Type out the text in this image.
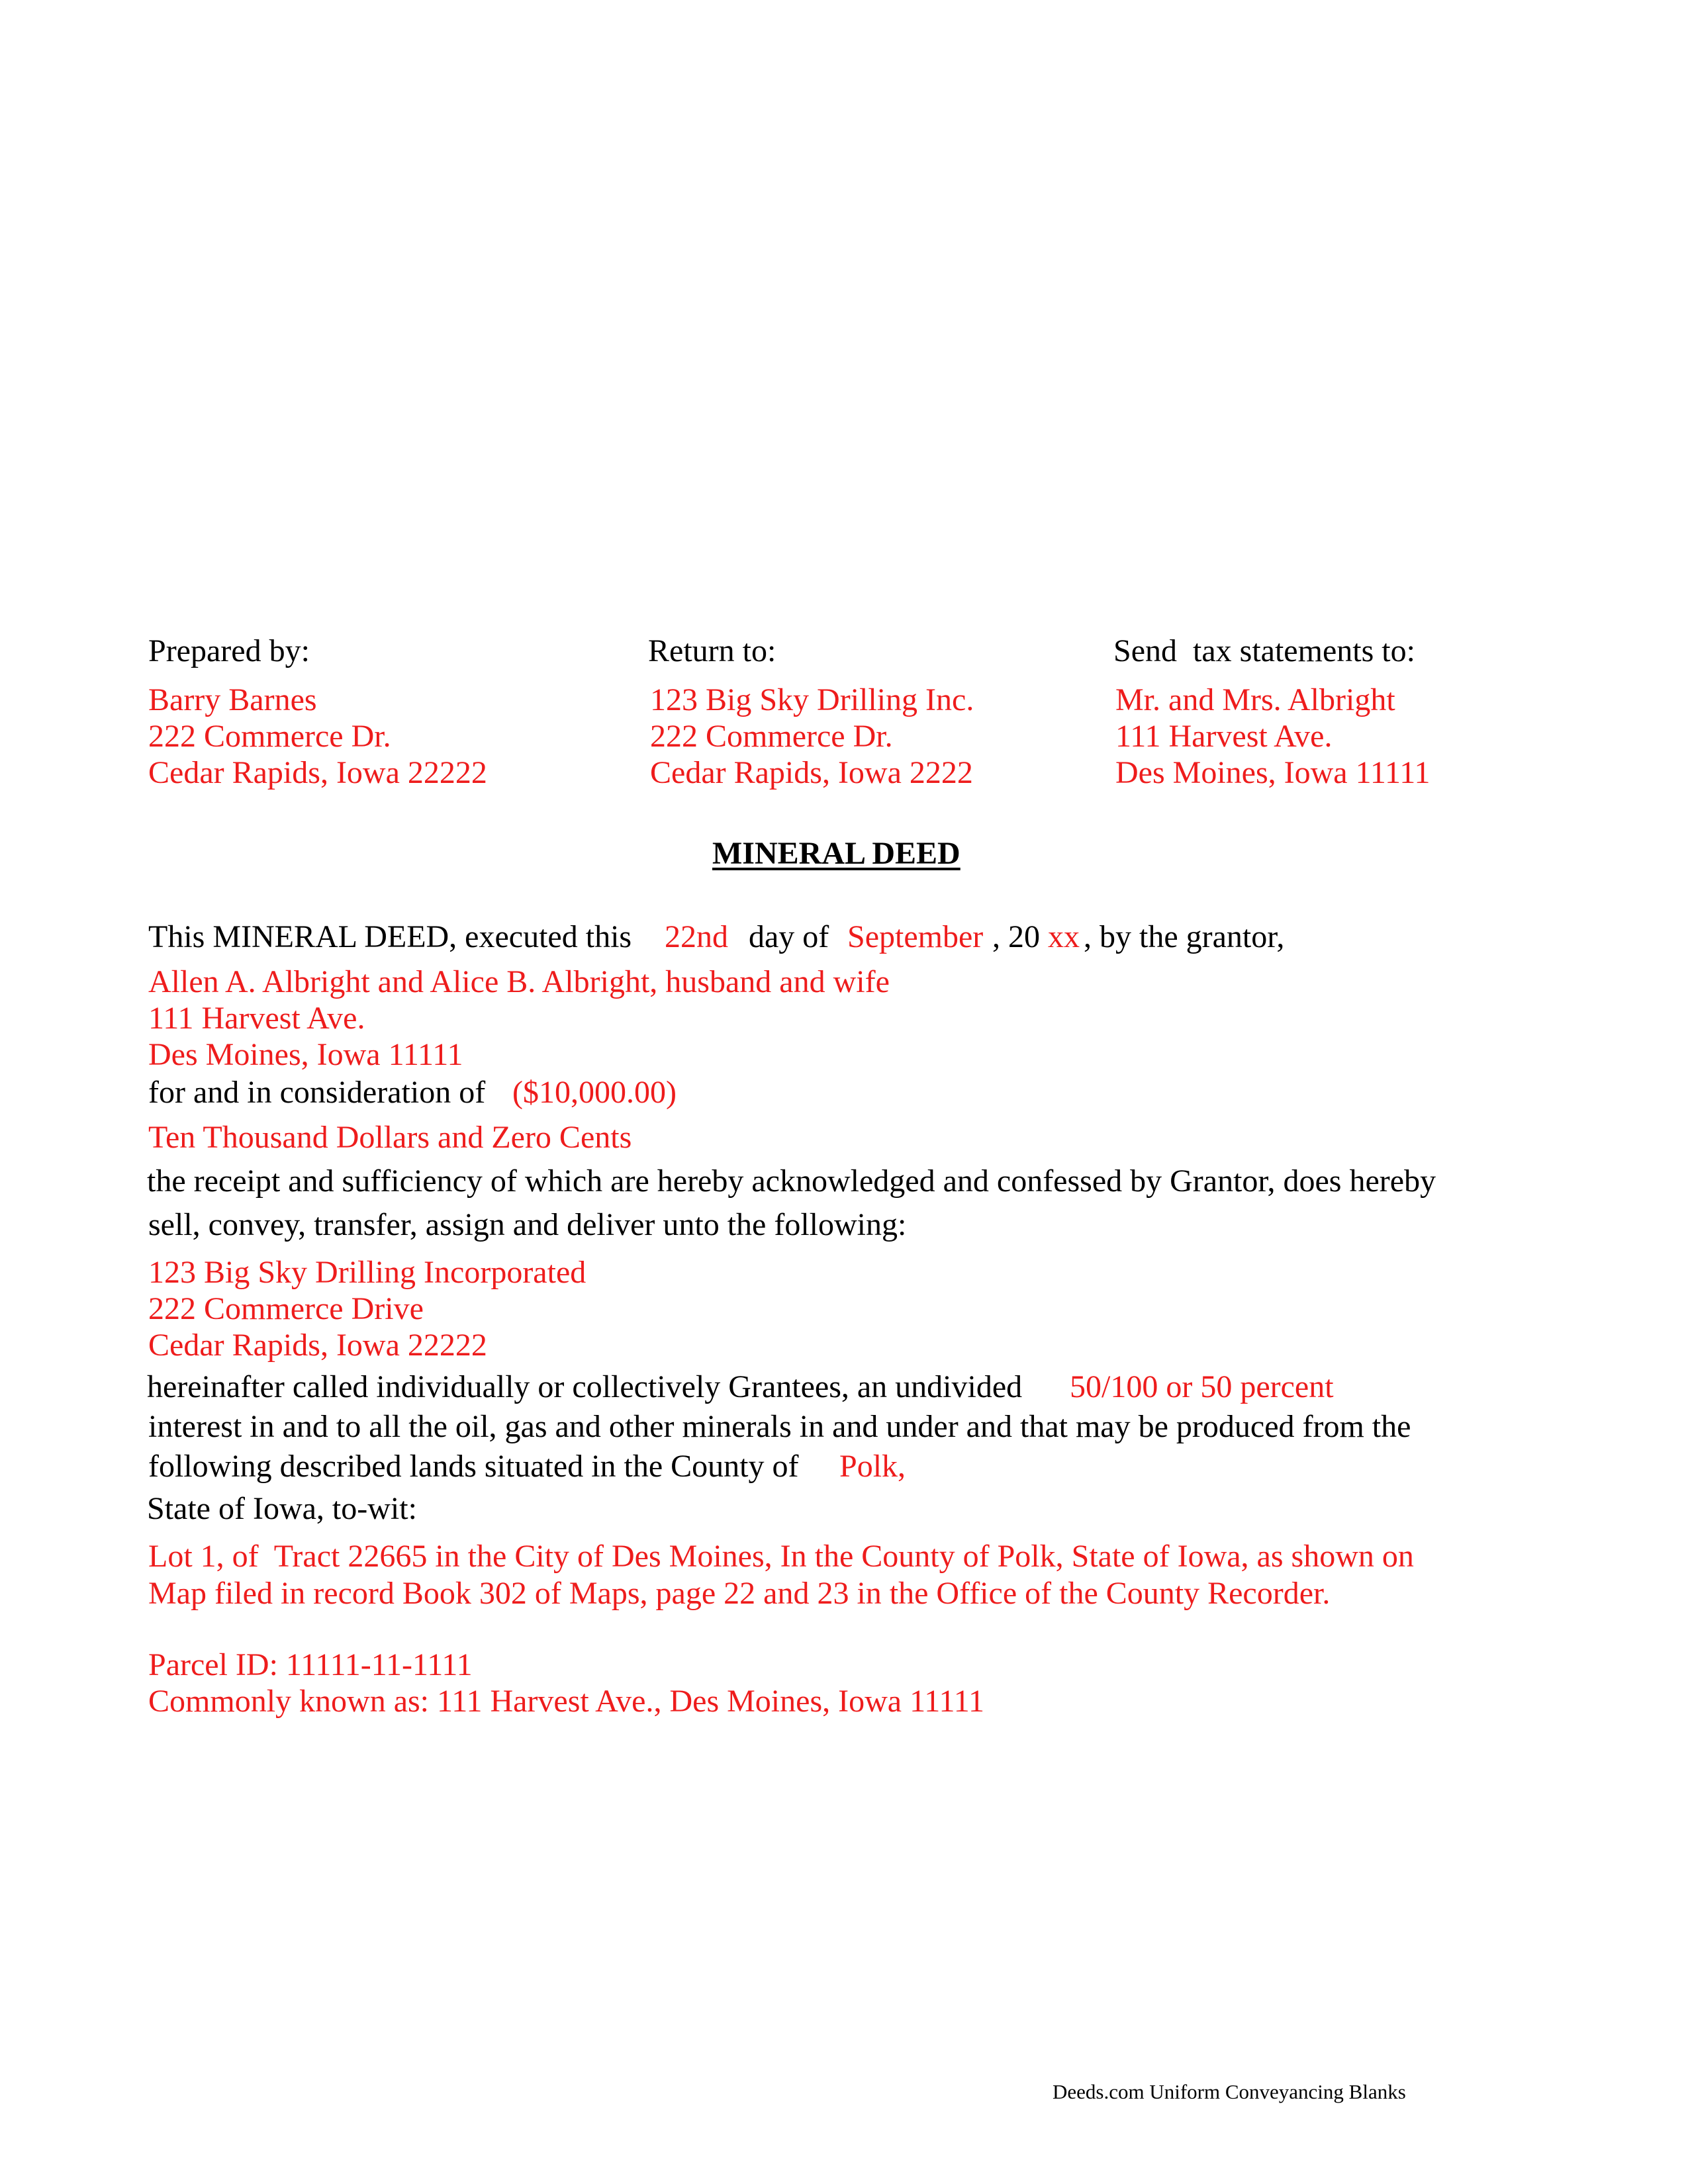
Prepared by:
Barry Barnes
222 Commerce Dr.
Cedar Rapids, Iowa 22222
Return to:
123 Big Sky Drilling Inc.
222 Commerce Dr.
Cedar Rapids, Iowa 2222
Send  tax statements to:
Mr. and Mrs. Albright
111 Harvest Ave.
Des Moines, Iowa 11111
MINERAL DEED
This MINERAL DEED, executed this 22nd day of September , 20 xx , by the grantor,
Allen A. Albright and Alice B. Albright, husband and wife
111 Harvest Ave.
Des Moines, Iowa 11111
for and in consideration of ($10,000.00)
Ten Thousand Dollars and Zero Cents
the receipt and sufficiency of which are hereby acknowledged and confessed by Grantor, does hereby
sell, convey, transfer, assign and deliver unto the following:
123 Big Sky Drilling Incorporated
222 Commerce Drive
Cedar Rapids, Iowa 22222
hereinafter called individually or collectively Grantees, an undivided 50/100 or 50 percent
interest in and to all the oil, gas and other minerals in and under and that may be produced from the
following described lands situated in the County of Polk,
State of Iowa, to-wit:
Lot 1, of  Tract 22665 in the City of Des Moines, In the County of Polk, State of Iowa, as shown on
Map filed in record Book 302 of Maps, page 22 and 23 in the Office of the County Recorder.
Parcel ID: 11111-11-1111
Commonly known as: 111 Harvest Ave., Des Moines, Iowa 11111
Deeds.com Uniform Conveyancing Blanks
